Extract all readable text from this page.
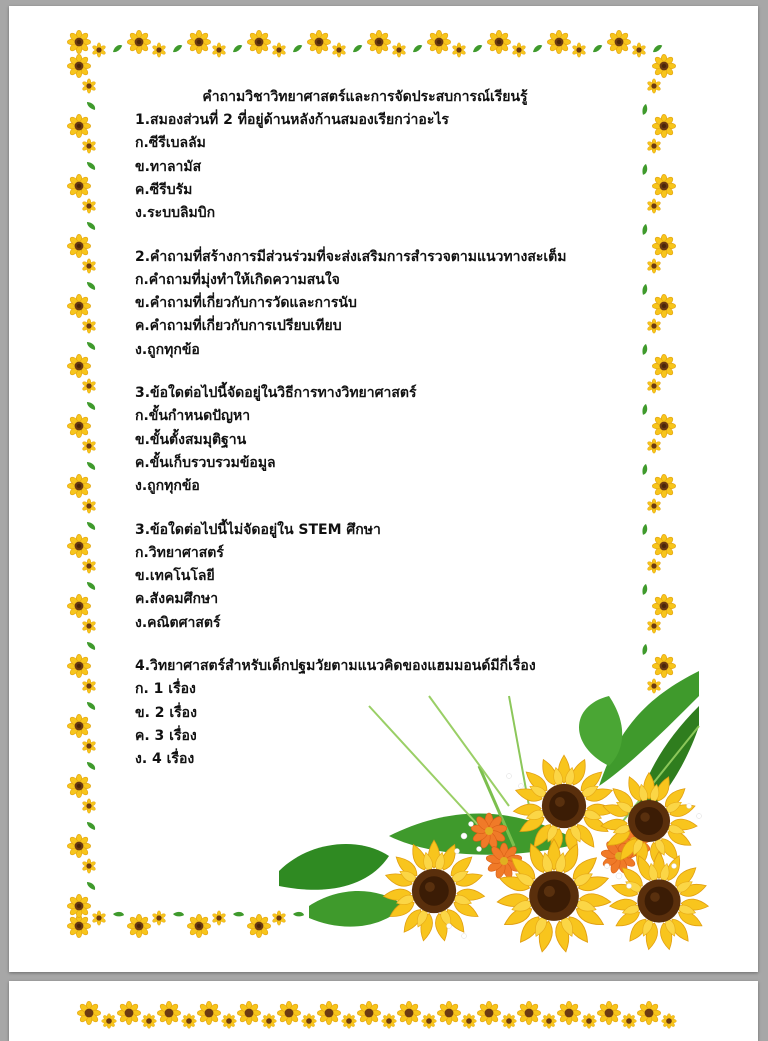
คำถามวิชาวิทยาศาสตร์และการจัดประสบการณ์เรียนรู้
1.สมองส่วนที่ 2 ที่อยู่ด้านหลังก้านสมองเรียกว่าอะไร
ก.ซีรีเบลลัม
ข.ทาลามัส
ค.ซีรีบรัม
ง.ระบบลิมบิก
2.คำถามที่สร้างการมีส่วนร่วมที่จะส่งเสริมการสำรวจตามแนวทางสะเต็ม
ก.คำถามที่มุ่งทำให้เกิดความสนใจ
ข.คำถามที่เกี่ยวกับการวัดและการนับ
ค.คำถามที่เกี่ยวกับการเปรียบเทียบ
ง.ถูกทุกข้อ
3.ข้อใดต่อไปนี้จัดอยู่ในวิธีการทางวิทยาศาสตร์
ก.ขั้นกำหนดปัญหา
ข.ขั้นตั้งสมมุติฐาน
ค.ขั้นเก็บรวบรวมข้อมูล
ง.ถูกทุกข้อ
3.ข้อใดต่อไปนี้ไม่จัดอยู่ใน STEM ศึกษา
ก.วิทยาศาสตร์
ข.เทคโนโลยี
ค.สังคมศึกษา
ง.คณิตศาสตร์
4.วิทยาศาสตร์สำหรับเด็กปฐมวัยตามแนวคิดของแฮมมอนด์มีกี่เรื่อง
ก. 1 เรื่อง
ข. 2 เรื่อง
ค. 3 เรื่อง
ง. 4 เรื่อง
